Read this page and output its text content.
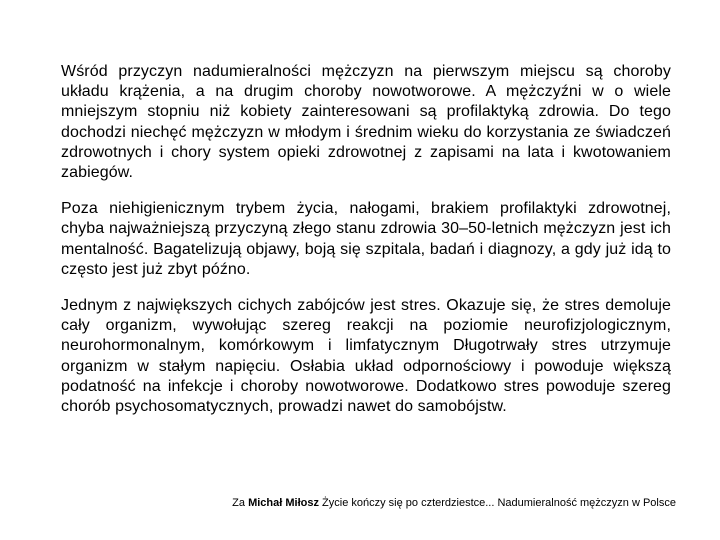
Wśród przyczyn nadumieralności mężczyzn na pierwszym miejscu są choroby układu krążenia, a na drugim choroby nowotworowe. A mężczyźni w o wiele mniejszym stopniu niż kobiety zainteresowani są profilaktyką zdrowia. Do tego dochodzi niechęć mężczyzn w młodym i średnim wieku do korzystania ze świadczeń zdrowotnych i chory system opieki zdrowotnej z zapisami na lata i kwotowaniem zabiegów.

Poza niehigienicznym trybem życia, nałogami, brakiem profilaktyki zdrowotnej, chyba najważniejszą przyczyną złego stanu zdrowia 30–50-letnich mężczyzn jest ich mentalność. Bagatelizują objawy, boją się szpitala, badań i diagnozy, a gdy już idą to często jest już zbyt późno.

Jednym z największych cichych zabójców jest stres. Okazuje się, że stres demoluje cały organizm, wywołując szereg reakcji na poziomie neurofizjologicznym, neurohormonalnym, komórkowym i limfatycznym Długotrwały stres utrzymuje organizm w stałym napięciu. Osłabia układ odpornościowy i powoduje większą podatność na infekcje i choroby nowotworowe. Dodatkowo stres powoduje szereg chorób psychosomatycznych, prowadzi nawet do samobójstw.

Za Michał Miłosz Życie kończy się po czterdziestce... Nadumieralność mężczyzn w Polsce
